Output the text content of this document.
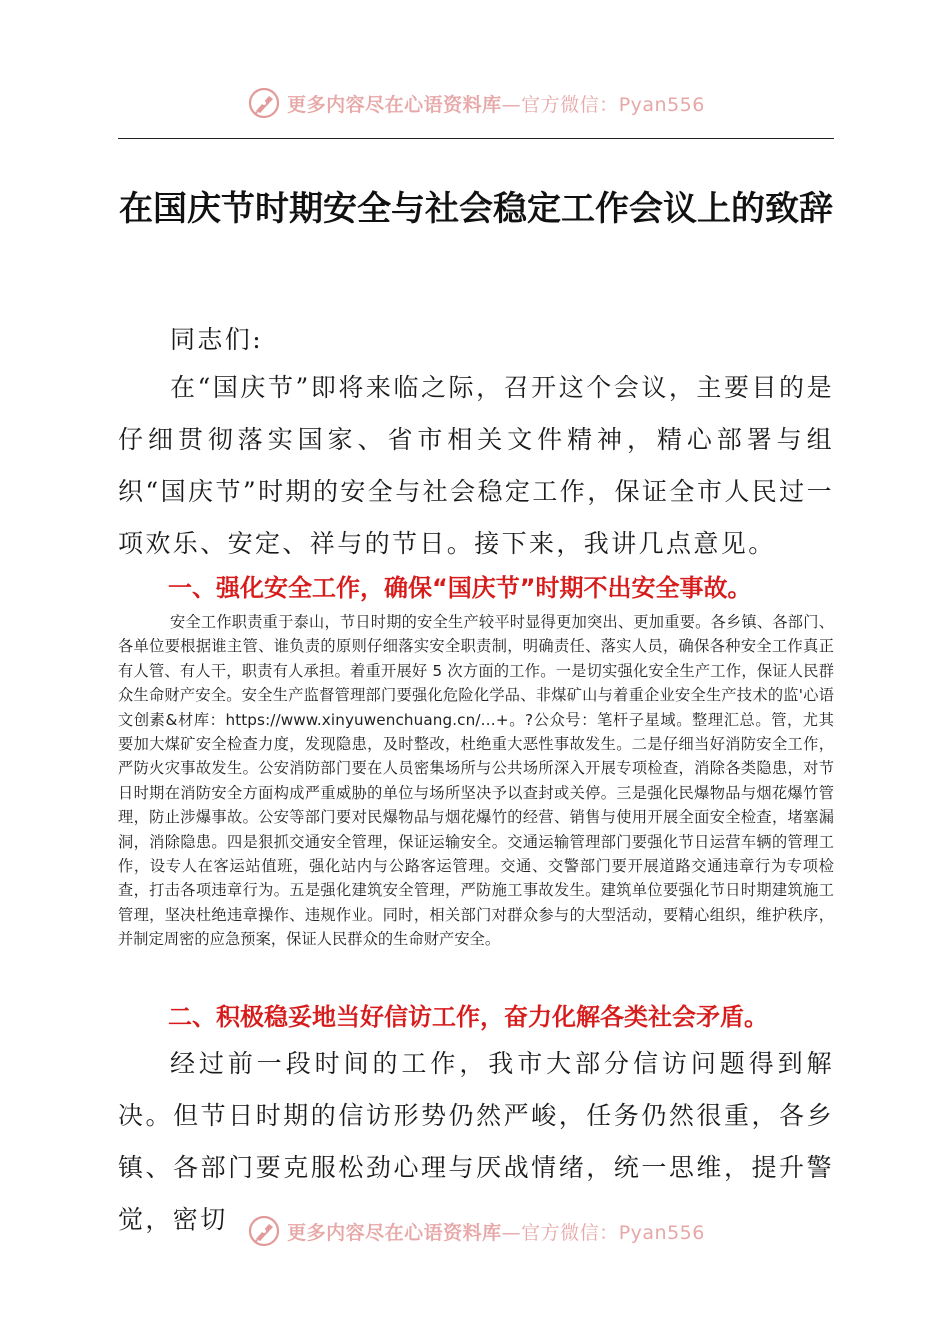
更多内容尽在心语资料库—官方微信：Pyan556
在国庆节时期安全与社会稳定工作会议上的致辞

同志们:

在“国庆节”即将来临之际，召开这个会议，主要目的是仔细贯彻落实国家、省市相关文件精神，精心部署与组织“国庆节”时期的安全与社会稳定工作，保证全市人民过一项欢乐、安定、祥与的节日。接下来，我讲几点意见。

一、强化安全工作，确保“国庆节”时期不出安全事故。

安全工作职责重于泰山，节日时期的安全生产较平时显得更加突出、更加重要。各乡镇、各部门、各单位要根据谁主管、谁负责的原则仔细落实安全职责制，明确责任、落实人员，确保各种安全工作真正有人管、有人干，职责有人承担。着重开展好 5 次方面的工作。一是切实强化安全生产工作，保证人民群众生命财产安全。安全生产监督管理部门要强化危险化学品、非煤矿山与着重企业安全生产技术的监'心语文创素&材库：https://www.xinyuwenchuang.cn/…+。?公众号：笔杆子星域。整理汇总。管，尤其要加大煤矿安全检查力度，发现隐患，及时整改，杜绝重大恶性事故发生。二是仔细当好消防安全工作，严防火灾事故发生。公安消防部门要在人员密集场所与公共场所深入开展专项检查，消除各类隐患，对节日时期在消防安全方面构成严重威胁的单位与场所坚决予以查封或关停。三是强化民爆物品与烟花爆竹管理，防止涉爆事故。公安等部门要对民爆物品与烟花爆竹的经营、销售与使用开展全面安全检查，堵塞漏洞，消除隐患。四是狠抓交通安全管理，保证运输安全。交通运输管理部门要强化节日运营车辆的管理工作，设专人在客运站值班，强化站内与公路客运管理。交通、交警部门要开展道路交通违章行为专项检查，打击各项违章行为。五是强化建筑安全管理，严防施工事故发生。建筑单位要强化节日时期建筑施工管理，坚决杜绝违章操作、违规作业。同时，相关部门对群众参与的大型活动，要精心组织，维护秩序，并制定周密的应急预案，保证人民群众的生命财产安全。

二、积极稳妥地当好信访工作，奋力化解各类社会矛盾。

经过前一段时间的工作，我市大部分信访问题得到解决。但节日时期的信访形势仍然严峻，任务仍然很重，各乡镇、各部门要克服松劲心理与厌战情绪，统一思维，提升警觉，密切	更多内容尽在心语资料库—官方微信：Pyan556
